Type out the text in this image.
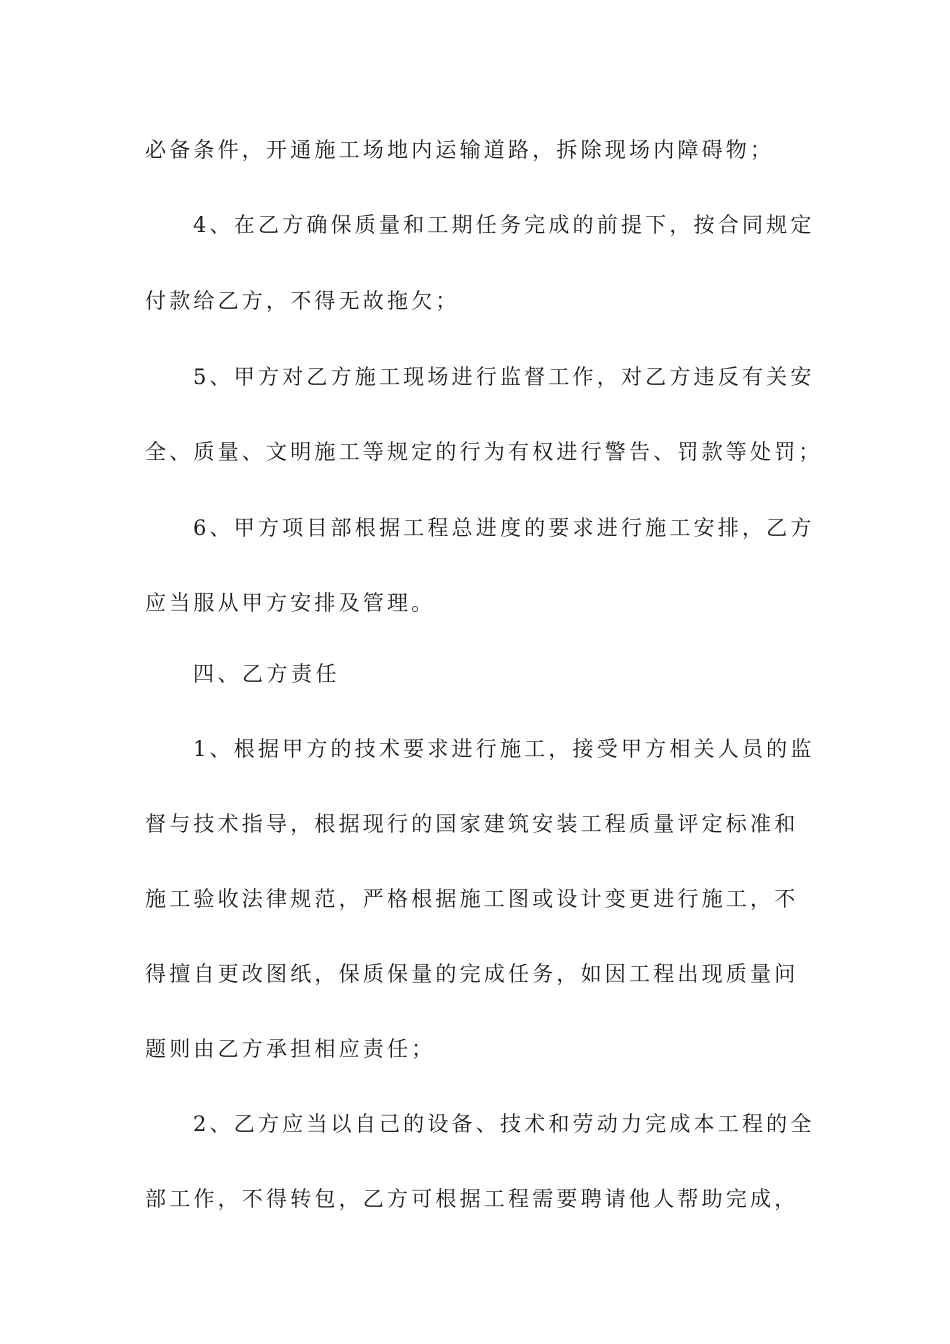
必备条件，开通施工场地内运输道路，拆除现场内障碍物；
4、在乙方确保质量和工期任务完成的前提下，按合同规定
付款给乙方，不得无故拖欠；
5、甲方对乙方施工现场进行监督工作，对乙方违反有关安
全、质量、文明施工等规定的行为有权进行警告、罚款等处罚；
6、甲方项目部根据工程总进度的要求进行施工安排，乙方
应当服从甲方安排及管理。
四、乙方责任
1、根据甲方的技术要求进行施工，接受甲方相关人员的监
督与技术指导，根据现行的国家建筑安装工程质量评定标准和
施工验收法律规范，严格根据施工图或设计变更进行施工，不
得擅自更改图纸，保质保量的完成任务，如因工程出现质量问
题则由乙方承担相应责任；
2、乙方应当以自己的设备、技术和劳动力完成本工程的全
部工作，不得转包，乙方可根据工程需要聘请他人帮助完成，
